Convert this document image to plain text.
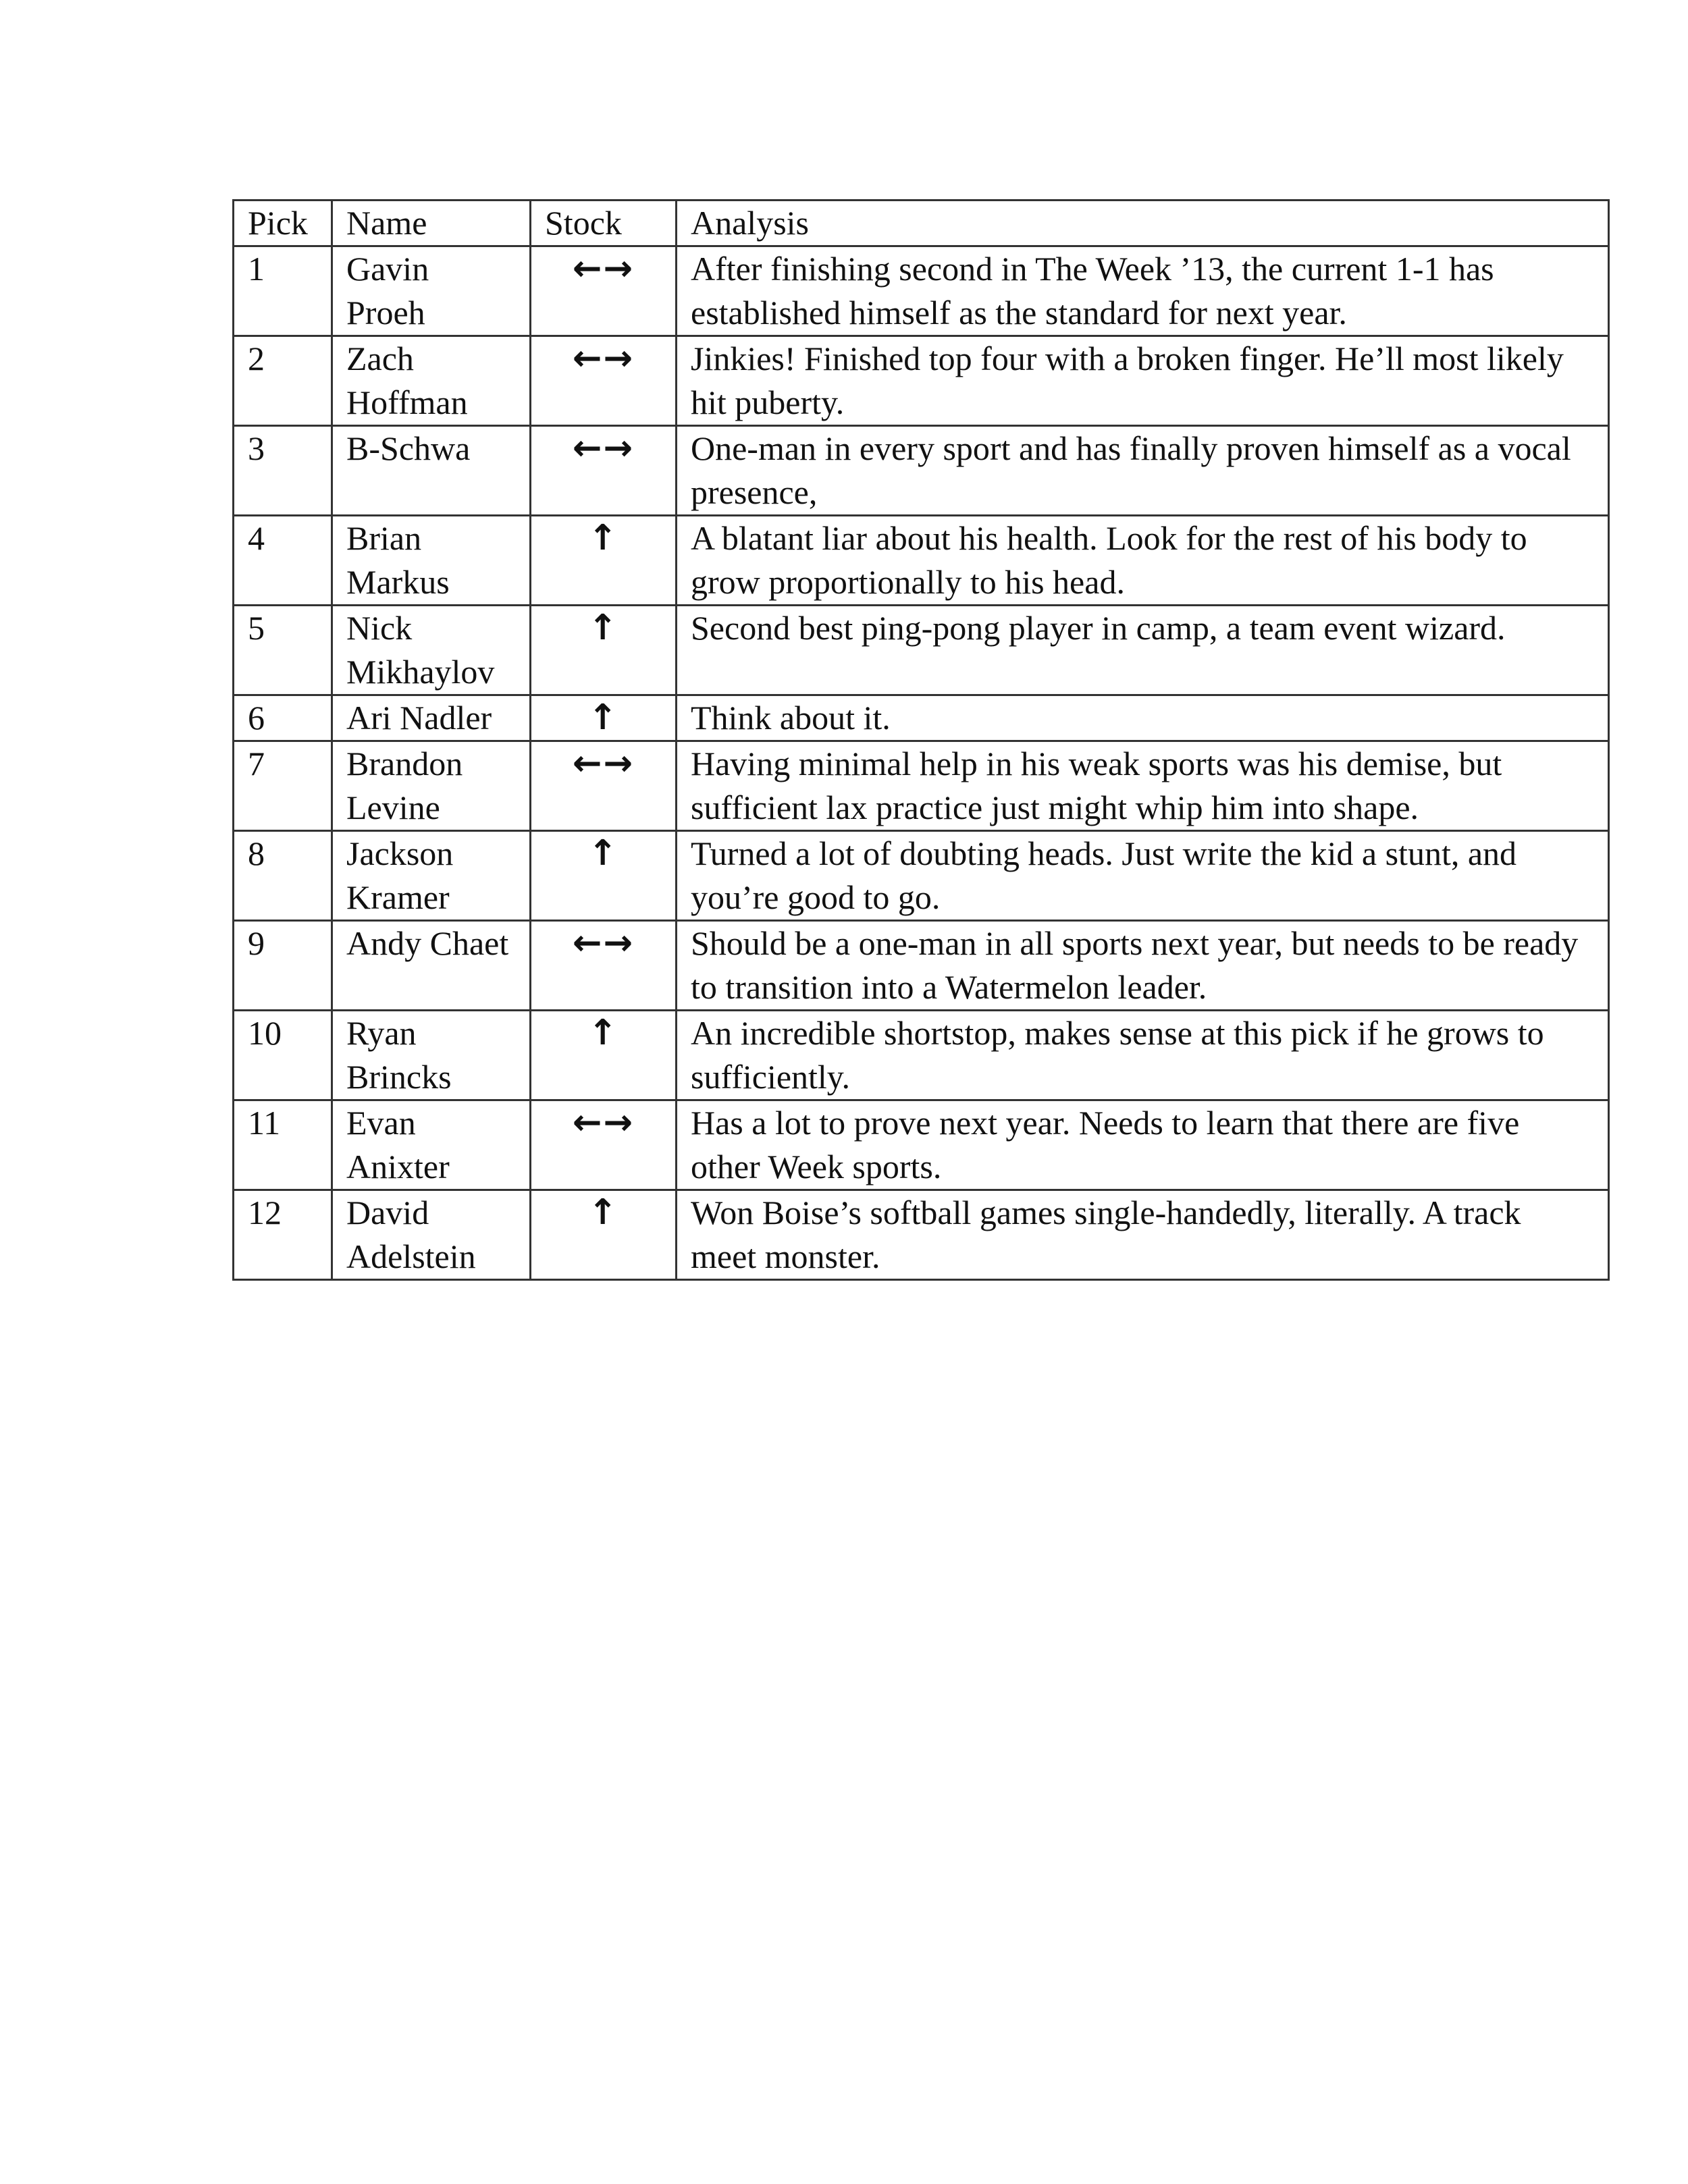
Pick	Name	Stock	Analysis

1	Gavin Proeh	←→	After finishing second in The Week ’13, the current 1-1 has established himself as the standard for next year.

2	Zach Hoffman	←→	Jinkies! Finished top four with a broken finger. He’ll most likely hit puberty.

3	B-Schwa	←→	One-man in every sport and has finally proven himself as a vocal presence,

4	Brian Markus	↑	A blatant liar about his health. Look for the rest of his body to grow proportionally to his head.

5	Nick Mikhaylov	↑	Second best ping-pong player in camp, a team event wizard.

6	Ari Nadler	↑	Think about it.

7	Brandon Levine	←→	Having minimal help in his weak sports was his demise, but sufficient lax practice just might whip him into shape.

8	Jackson Kramer	↑	Turned a lot of doubting heads. Just write the kid a stunt, and you’re good to go.

9	Andy Chaet	←→	Should be a one-man in all sports next year, but needs to be ready to transition into a Watermelon leader.

10	Ryan Brincks	↑	An incredible shortstop, makes sense at this pick if he grows to sufficiently.

11	Evan Anixter	←→	Has a lot to prove next year. Needs to learn that there are five other Week sports.

12	David Adelstein	↑	Won Boise’s softball games single-handedly, literally. A track meet monster.
